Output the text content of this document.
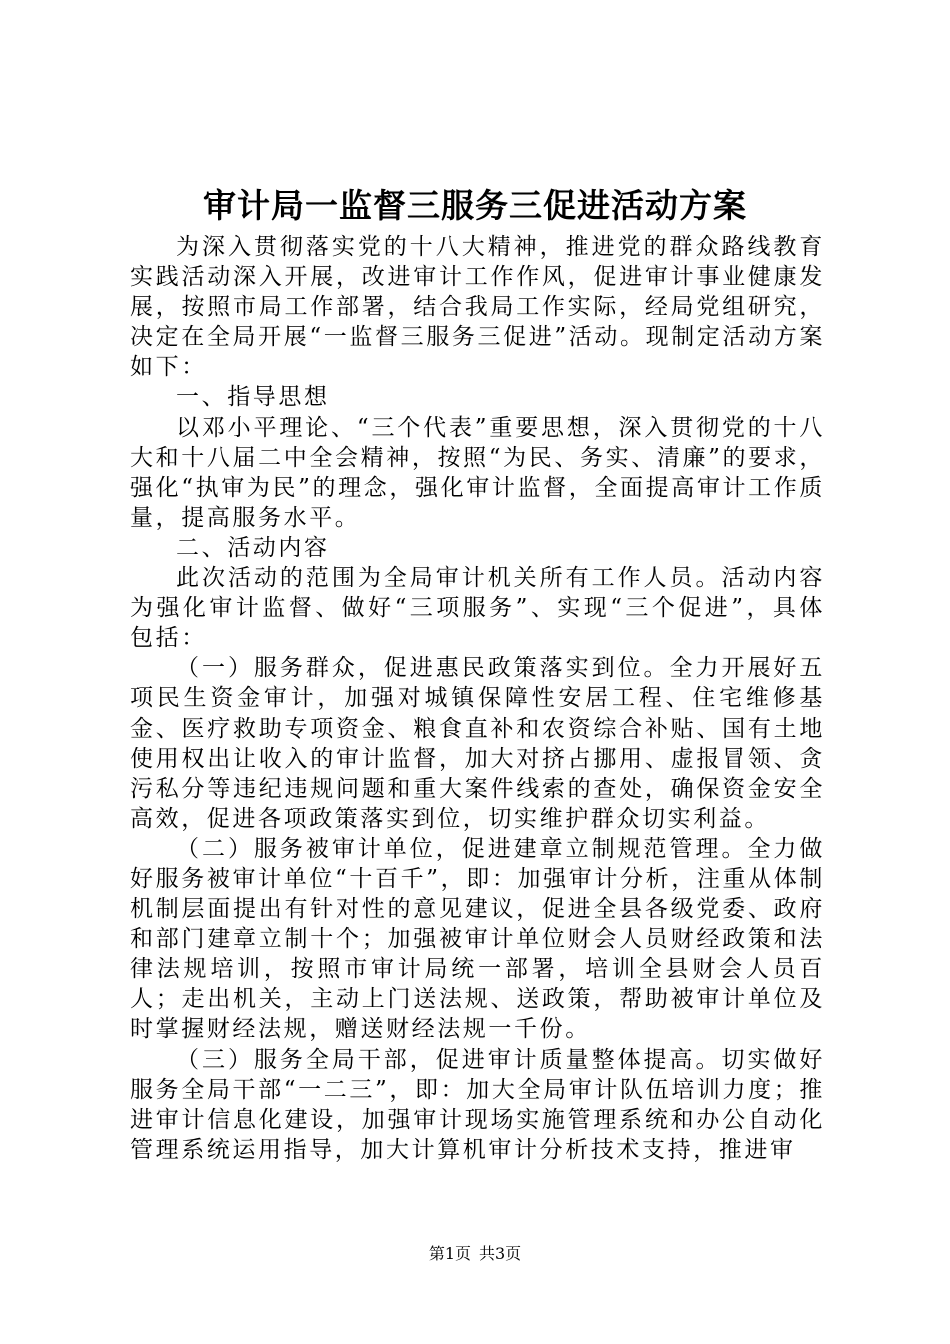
审计局一监督三服务三促进活动方案

为深入贯彻落实党的十八大精神，推进党的群众路线教育实践活动深入开展，改进审计工作作风，促进审计事业健康发展，按照市局工作部署，结合我局工作实际，经局党组研究，决定在全局开展“一监督三服务三促进”活动。现制定活动方案如下：

一、指导思想

以邓小平理论、“三个代表”重要思想，深入贯彻党的十八大和十八届二中全会精神，按照“为民、务实、清廉”的要求，强化“执审为民”的理念，强化审计监督，全面提高审计工作质量，提高服务水平。

二、活动内容

此次活动的范围为全局审计机关所有工作人员。活动内容为强化审计监督、做好“三项服务”、实现“三个促进”，具体包括：

（一）服务群众，促进惠民政策落实到位。全力开展好五项民生资金审计，加强对城镇保障性安居工程、住宅维修基金、医疗救助专项资金、粮食直补和农资综合补贴、国有土地使用权出让收入的审计监督，加大对挤占挪用、虚报冒领、贪污私分等违纪违规问题和重大案件线索的查处，确保资金安全高效，促进各项政策落实到位，切实维护群众切实利益。

（二）服务被审计单位，促进建章立制规范管理。全力做好服务被审计单位“十百千”，即：加强审计分析，注重从体制机制层面提出有针对性的意见建议，促进全县各级党委、政府和部门建章立制十个；加强被审计单位财会人员财经政策和法律法规培训，按照市审计局统一部署，培训全县财会人员百人；走出机关，主动上门送法规、送政策，帮助被审计单位及时掌握财经法规，赠送财经法规一千份。

（三）服务全局干部，促进审计质量整体提高。切实做好服务全局干部“一二三”，即：加大全局审计队伍培训力度；推进审计信息化建设，加强审计现场实施管理系统和办公自动化管理系统运用指导，加大计算机审计分析技术支持，推进审

第1页 共3页
